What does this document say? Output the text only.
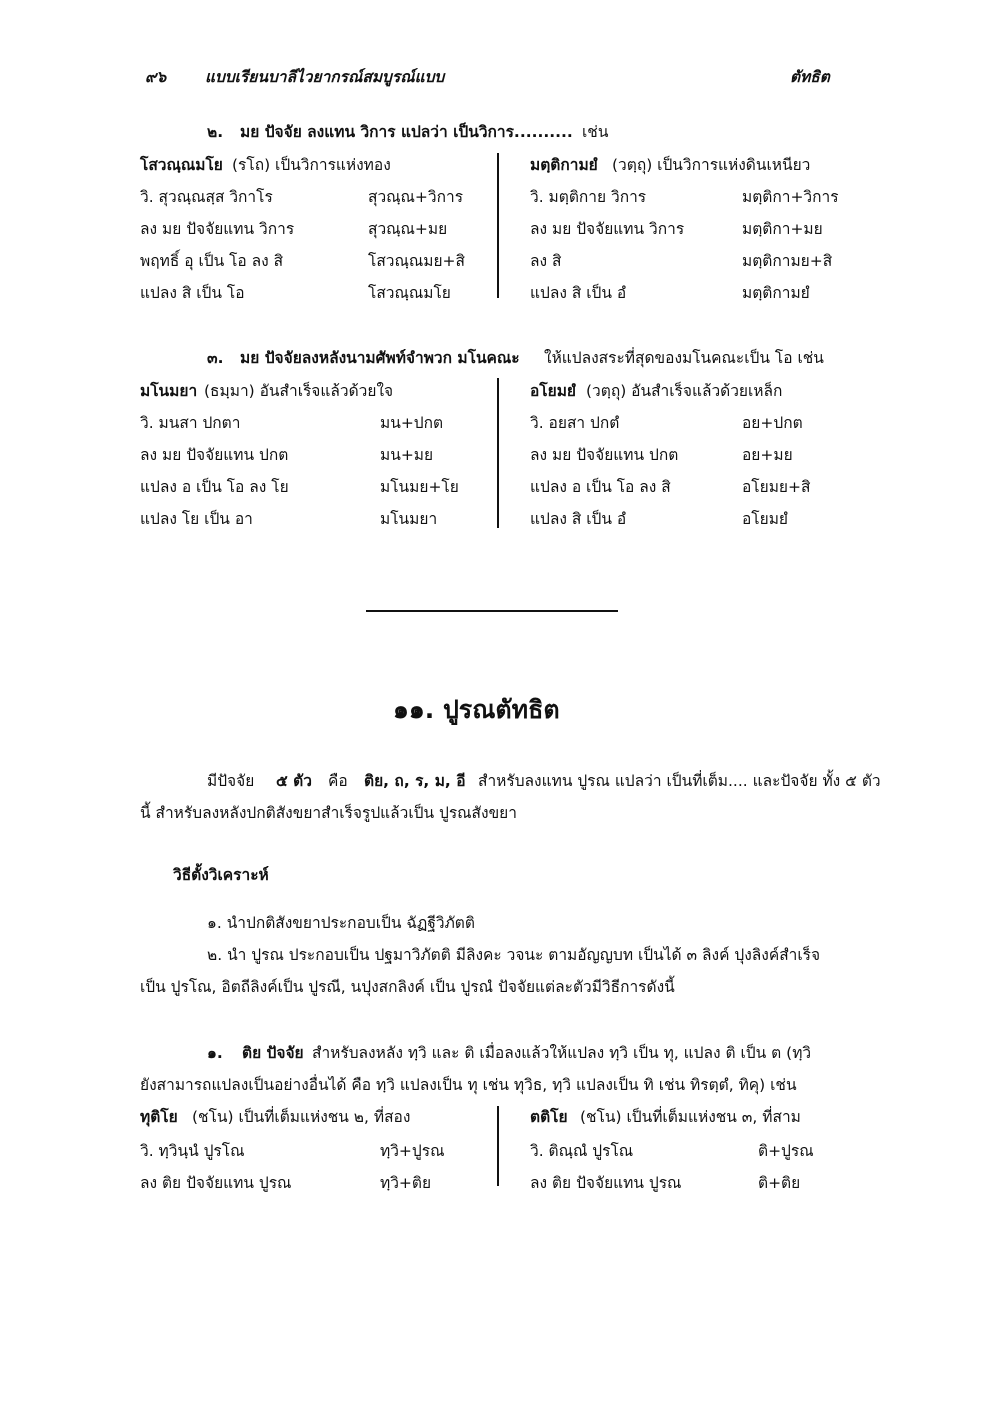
๙๖	แบบเรียนบาลีไวยากรณ์สมบูรณ์แบบ	ตัทธิต
๒. มย ปัจจัย ลงแทน วิการ แปลว่า เป็นวิการ.......... เช่น
โสวณฺณมโย (รโถ) เป็นวิการแห่งทอง	มตฺติกามยํ (วตฺถุ) เป็นวิการแห่งดินเหนียว
วิ. สุวณฺณสฺส วิกาโร	สุวณฺณ+วิการ
ลง มย ปัจจัยแทน วิการ	สุวณฺณ+มย
พฤทธิ์ อุ เป็น โอ ลง สิ	โสวณฺณมย+สิ
แปลง สิ เป็น โอ	โสวณฺณมโย
วิ. มตฺติกาย วิการ	มตฺติกา+วิการ
ลง มย ปัจจัยแทน วิการ	มตฺติกา+มย
ลง สิ	มตฺติกามย+สิ
แปลง สิ เป็น อํ	มตฺติกามยํ
๓. มย ปัจจัยลงหลังนามศัพท์จำพวก มโนคณะ ให้แปลงสระที่สุดของมโนคณะเป็น โอ เช่น
มโนมยา (ธมฺมา) อันสำเร็จแล้วด้วยใจ	อโยมยํ (วตฺถุ) อันสำเร็จแล้วด้วยเหล็ก
วิ. มนสา ปกตา	มน+ปกต
ลง มย ปัจจัยแทน ปกต	มน+มย
แปลง อ เป็น โอ ลง โย	มโนมย+โย
แปลง โย เป็น อา	มโนมยา
วิ. อยสา ปกตํ	อย+ปกต
ลง มย ปัจจัยแทน ปกต	อย+มย
แปลง อ เป็น โอ ลง สิ	อโยมย+สิ
แปลง สิ เป็น อํ	อโยมยํ
๑๑. ปูรณตัทธิต
มีปัจจัย ๕ ตัว คือ ติย, ถ, ร, ม, อี สำหรับลงแทน ปูรณ แปลว่า เป็นที่เต็ม.... และปัจจัย ทั้ง ๕ ตัว
นี้ สำหรับลงหลังปกติสังขยาสำเร็จรูปแล้วเป็น ปูรณสังขยา
วิธีตั้งวิเคราะห์
๑. นำปกติสังขยาประกอบเป็น ฉัฏฐีวิภัตติ
๒. นำ ปูรณ ประกอบเป็น ปฐมาวิภัตติ มีลิงคะ วจนะ ตามอัญญบท เป็นได้ ๓ ลิงค์ ปุงลิงค์สำเร็จ
เป็น ปูรโณ, อิตถีลิงค์เป็น ปูรณี, นปุงสกลิงค์ เป็น ปูรณํ ปัจจัยแต่ละตัวมีวิธีการดังนี้
๑. ติย ปัจจัย สำหรับลงหลัง ทฺวิ และ ติ เมื่อลงแล้วให้แปลง ทฺวิ เป็น ทุ, แปลง ติ เป็น ต (ทฺวิ
ยังสามารถแปลงเป็นอย่างอื่นได้ คือ ทฺวิ แปลงเป็น ทุ เช่น ทุวิธ, ทฺวิ แปลงเป็น ทิ เช่น ทิรตฺตํ, ทิคุ) เช่น
ทุติโย (ชโน) เป็นที่เต็มแห่งชน ๒, ที่สอง	ตติโย (ชโน) เป็นที่เต็มแห่งชน ๓, ที่สาม
วิ. ทฺวินฺนํ ปูรโณ	ทฺวิ+ปูรณ
ลง ติย ปัจจัยแทน ปูรณ	ทฺวิ+ติย
วิ. ติณฺณํ ปูรโณ	ติ+ปูรณ
ลง ติย ปัจจัยแทน ปูรณ	ติ+ติย
